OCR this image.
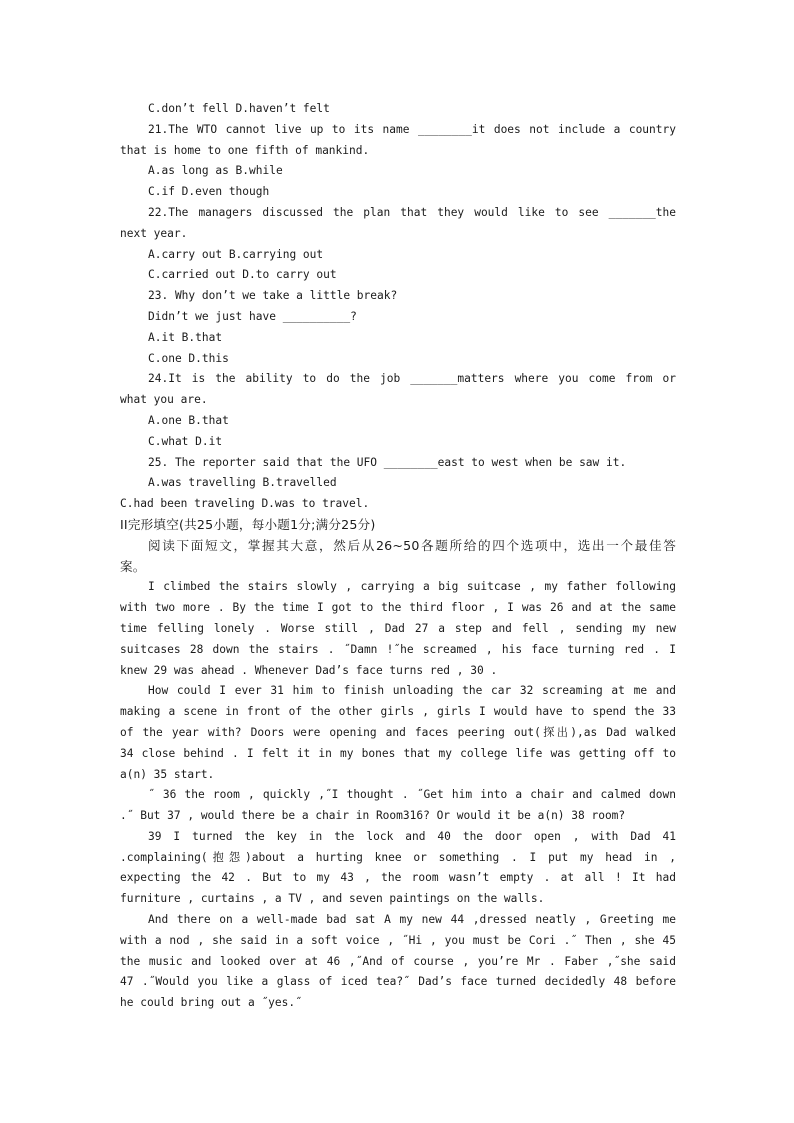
C.don’t fell D.haven’t felt
21.The WTO cannot live up to its name ________it does not include a country
that is home to one fifth of mankind.
A.as long as B.while
C.if D.even though
22.The managers discussed the plan that they would like to see _______the
next year.
A.carry out B.carrying out
C.carried out D.to carry out
23. Why don’t we take a little break?
Didn’t we just have __________?
A.it B.that
C.one D.this
24.It is the ability to do the job _______matters where you come from or
what you are.
A.one B.that
C.what D.it
25. The reporter said that the UFO ________east to west when be saw it.
A.was travelling B.travelled
C.had been traveling D.was to travel.
II完形填空(共25小题，每小题1分;满分25分)
阅读下面短文，掌握其大意，然后从26~50各题所给的四个选项中，选出一个最佳答
案。
I climbed the stairs slowly , carrying a big suitcase , my father following
with two more . By the time I got to the third floor , I was 26 and at the same
time felling lonely . Worse still , Dad 27 a step and fell , sending my new
suitcases 28 down the stairs . ˝Damn !˝he screamed , his face turning red . I
knew 29 was ahead . Whenever Dad’s face turns red , 30 .
How could I ever 31 him to finish unloading the car 32 screaming at me and
making a scene in front of the other girls , girls I would have to spend the 33
of the year with? Doors were opening and faces peering out(探出),as Dad walked
34 close behind . I felt it in my bones that my college life was getting off to
a(n) 35 start.
˝ 36 the room , quickly ,˝I thought . ˝Get him into a chair and calmed down
.˝ But 37 , would there be a chair in Room316? Or would it be a(n) 38 room?
39 I turned the key in the lock and 40 the door open , with Dad 41
.complaining(抱怨)about a hurting knee or something . I put my head in ,
expecting the 42 . But to my 43 , the room wasn’t empty . at all ! It had
furniture , curtains , a TV , and seven paintings on the walls.
And there on a well-made bad sat A my new 44 ,dressed neatly , Greeting me
with a nod , she said in a soft voice , ˝Hi , you must be Cori .˝ Then , she 45
the music and looked over at 46 ,˝And of course , you’re Mr . Faber ,˝she said
47 .˝Would you like a glass of iced tea?˝ Dad’s face turned decidedly 48 before
he could bring out a ˝yes.˝
